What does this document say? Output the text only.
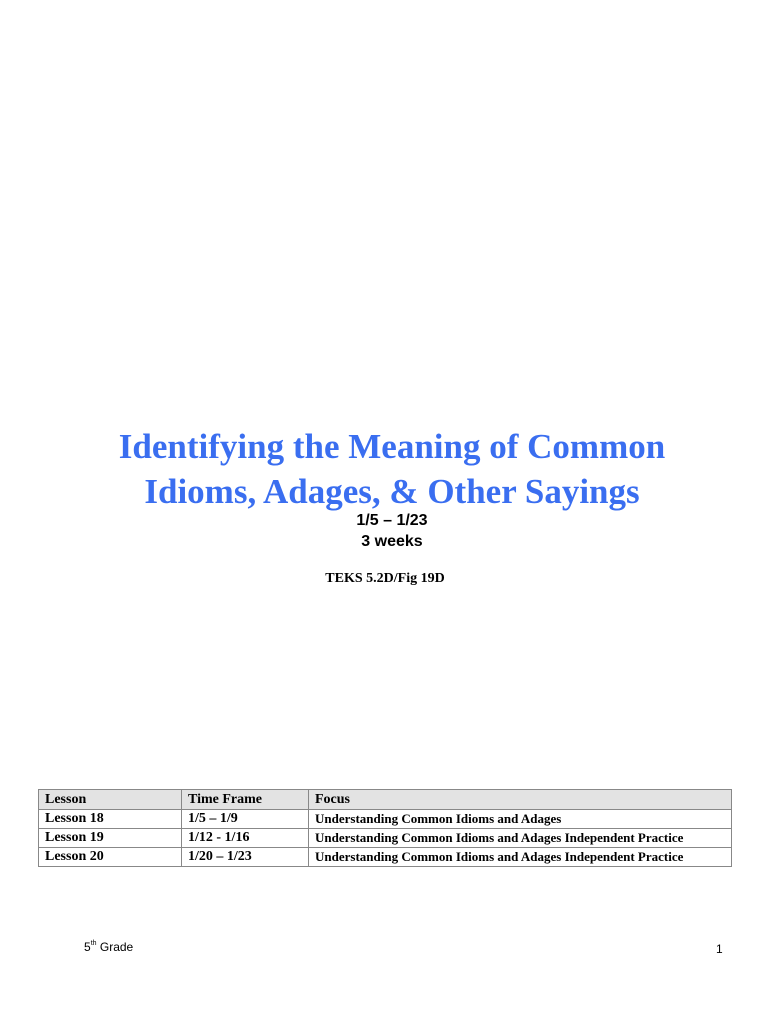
Identifying the Meaning of Common
Idioms, Adages, & Other Sayings
1/5 – 1/23
3 weeks
TEKS 5.2D/Fig 19D
Lesson	Time Frame	Focus
Lesson 18	1/5 – 1/9	Understanding Common Idioms and Adages
Lesson 19	1/12 - 1/16	Understanding Common Idioms and Adages Independent Practice
Lesson 20	1/20 – 1/23	Understanding Common Idioms and Adages Independent Practice
5th Grade	1
